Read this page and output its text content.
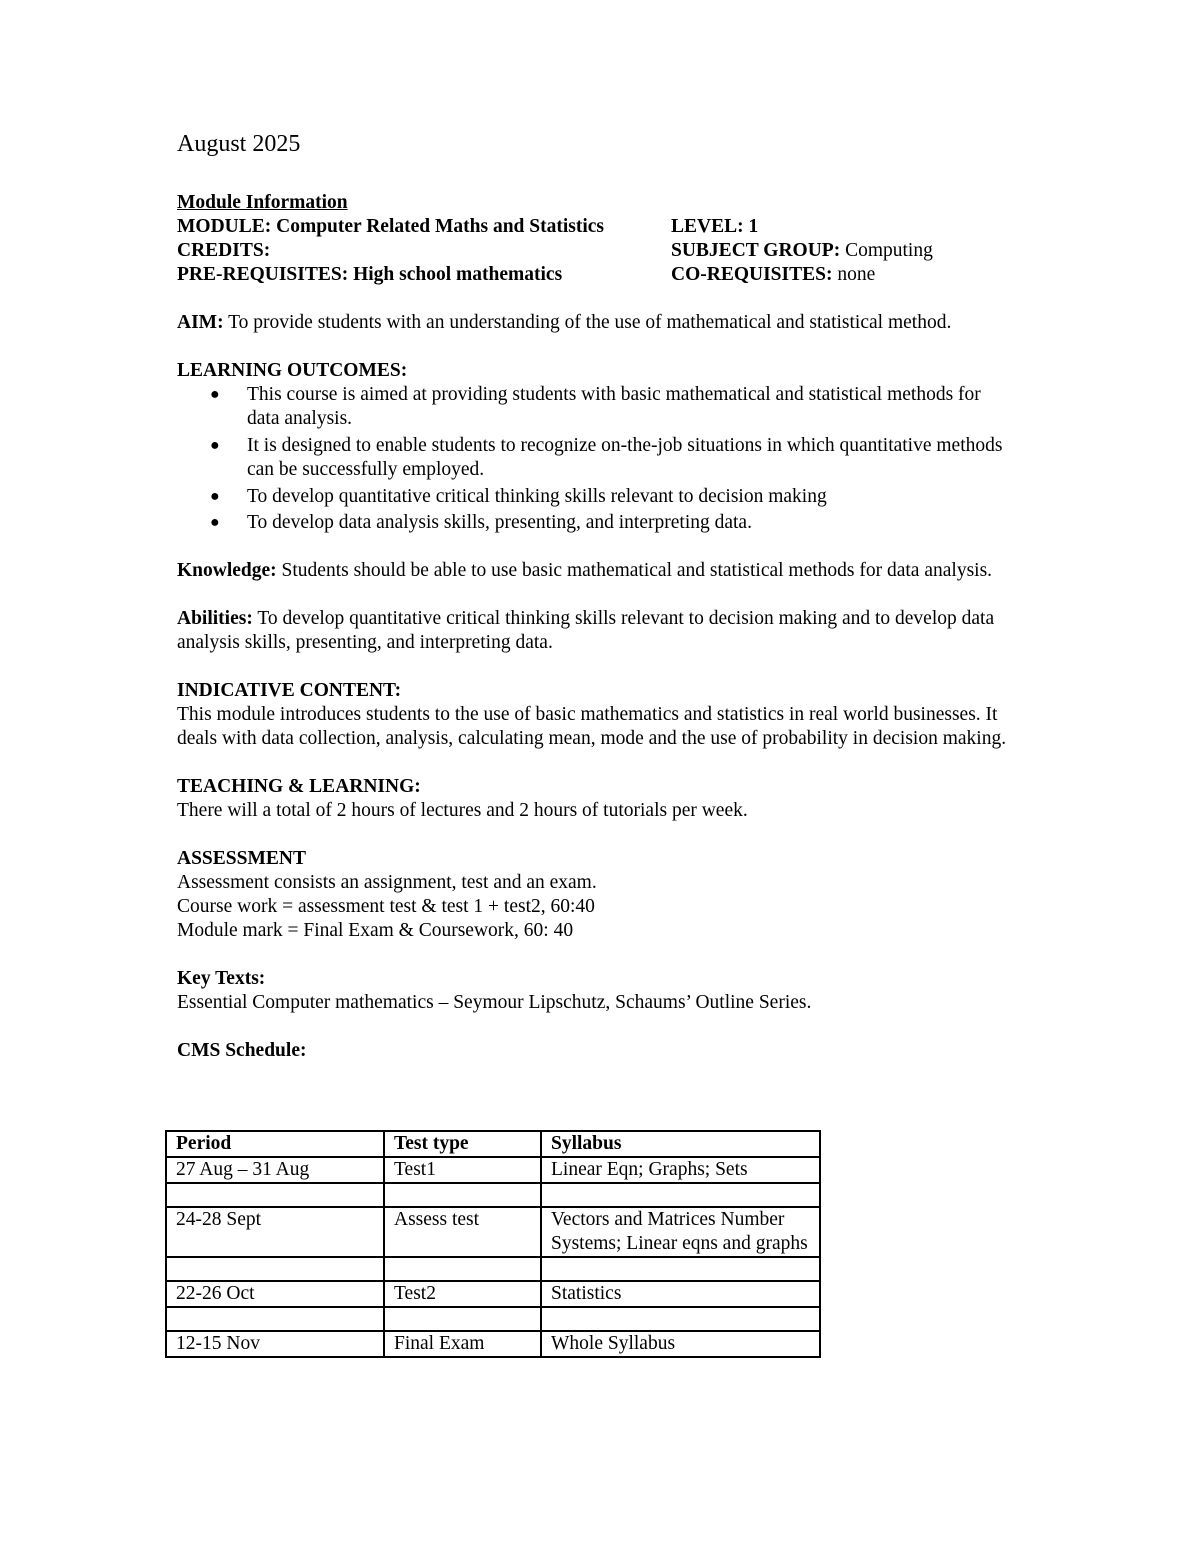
August 2025

Module Information

MODULE: Computer Related Maths and Statistics	LEVEL: 1
CREDITS:	SUBJECT GROUP: Computing
PRE-REQUISITES: High school mathematics	CO-REQUISITES: none

AIM: To provide students with an understanding of the use of mathematical and statistical method.

LEARNING OUTCOMES:

● This course is aimed at providing students with basic mathematical and statistical methods for data analysis.
● It is designed to enable students to recognize on-the-job situations in which quantitative methods can be successfully employed.
● To develop quantitative critical thinking skills relevant to decision making
● To develop data analysis skills, presenting, and interpreting data.

Knowledge: Students should be able to use basic mathematical and statistical methods for data analysis.

Abilities: To develop quantitative critical thinking skills relevant to decision making and to develop data analysis skills, presenting, and interpreting data.

INDICATIVE CONTENT:

This module introduces students to the use of basic mathematics and statistics in real world businesses. It deals with data collection, analysis, calculating mean, mode and the use of probability in decision making.

TEACHING & LEARNING:

There will a total of 2 hours of lectures and 2 hours of tutorials per week.

ASSESSMENT

Assessment consists an assignment, test and an exam.

Course work = assessment test & test 1 + test2, 60:40

Module mark = Final Exam & Coursework, 60: 40

Key Texts:

Essential Computer mathematics – Seymour Lipschutz, Schaums’ Outline Series.

CMS Schedule:

Period	Test type	Syllabus
27 Aug – 31 Aug	Test1	Linear Eqn; Graphs; Sets

24-28 Sept	Assess test	Vectors and Matrices Number Systems; Linear eqns and graphs

22-26 Oct	Test2	Statistics

12-15 Nov	Final Exam	Whole Syllabus
